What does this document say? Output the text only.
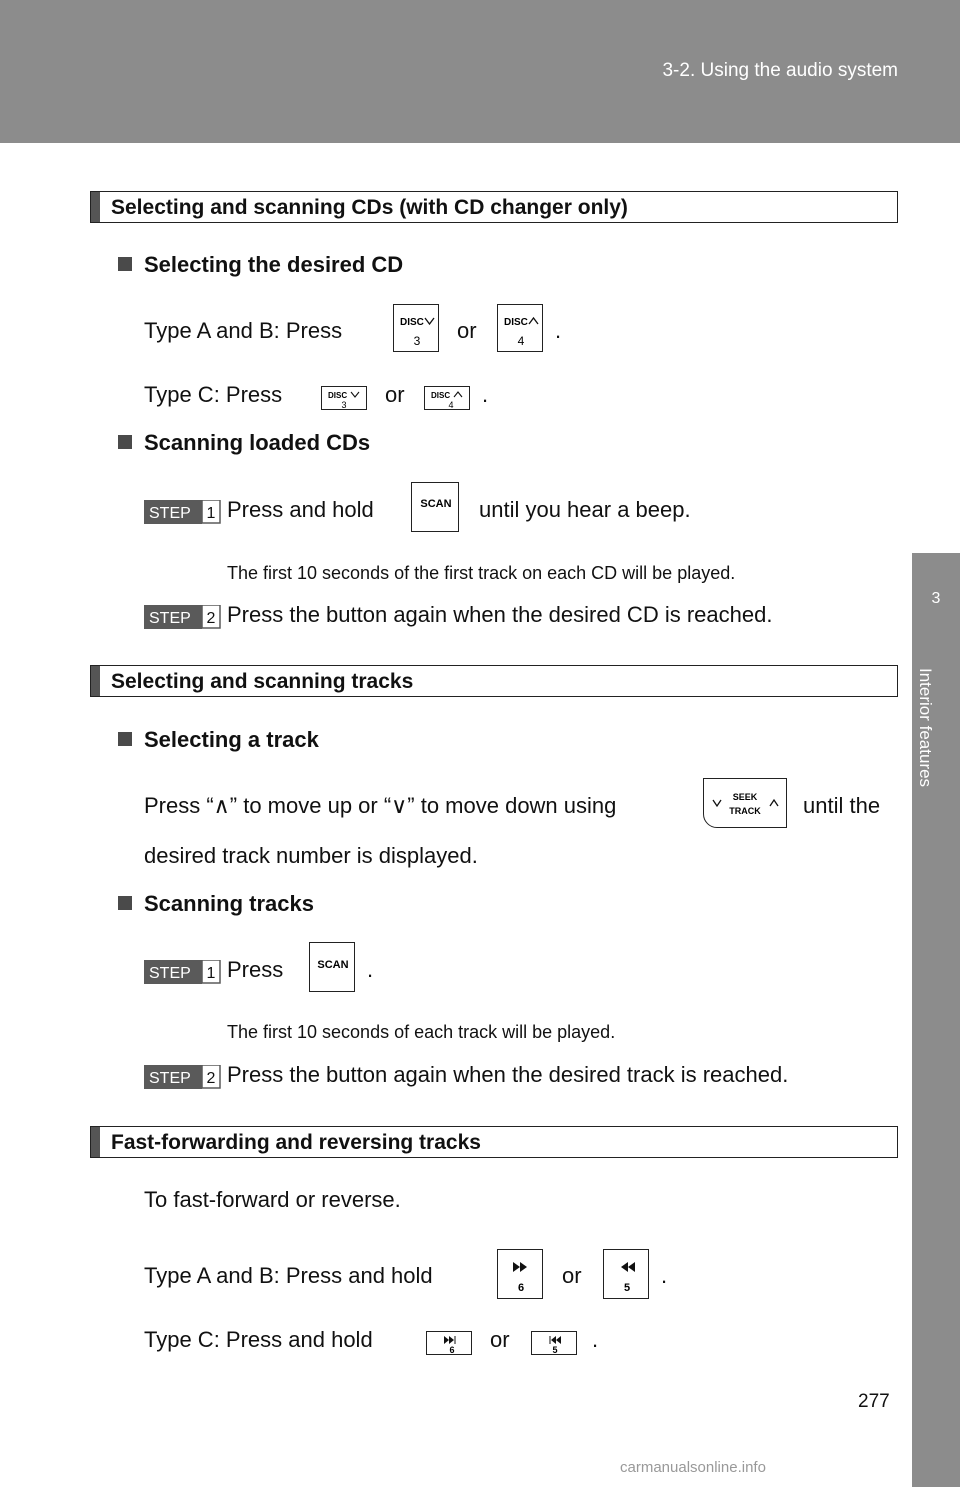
3-2. Using the audio system
3
Interior features
Selecting and scanning CDs (with CD changer only)
Selecting the desired CD
Type A and B: Press	DISC
3 or	DISC
4 .
Type C: Press	DISC
3 or	DISC
4 .
Scanning loaded CDs
STEP 1 Press and hold	SCAN until you hear a beep.
The first 10 seconds of the first track on each CD will be played.
STEP 2 Press the button again when the desired CD is reached.
Selecting and scanning tracks
Selecting a track
Press “∧” to move up or “∨” to move down using	SEEK
TRACK until the
desired track number is displayed.
Scanning tracks
STEP 1 Press	SCAN .
The first 10 seconds of each track will be played.
STEP 2 Press the button again when the desired track is reached.
Fast-forwarding and reversing tracks
To fast-forward or reverse.
Type A and B: Press and hold	6 or	5 .
Type C: Press and hold	6 or	5 .
277
carmanualsonline.info
